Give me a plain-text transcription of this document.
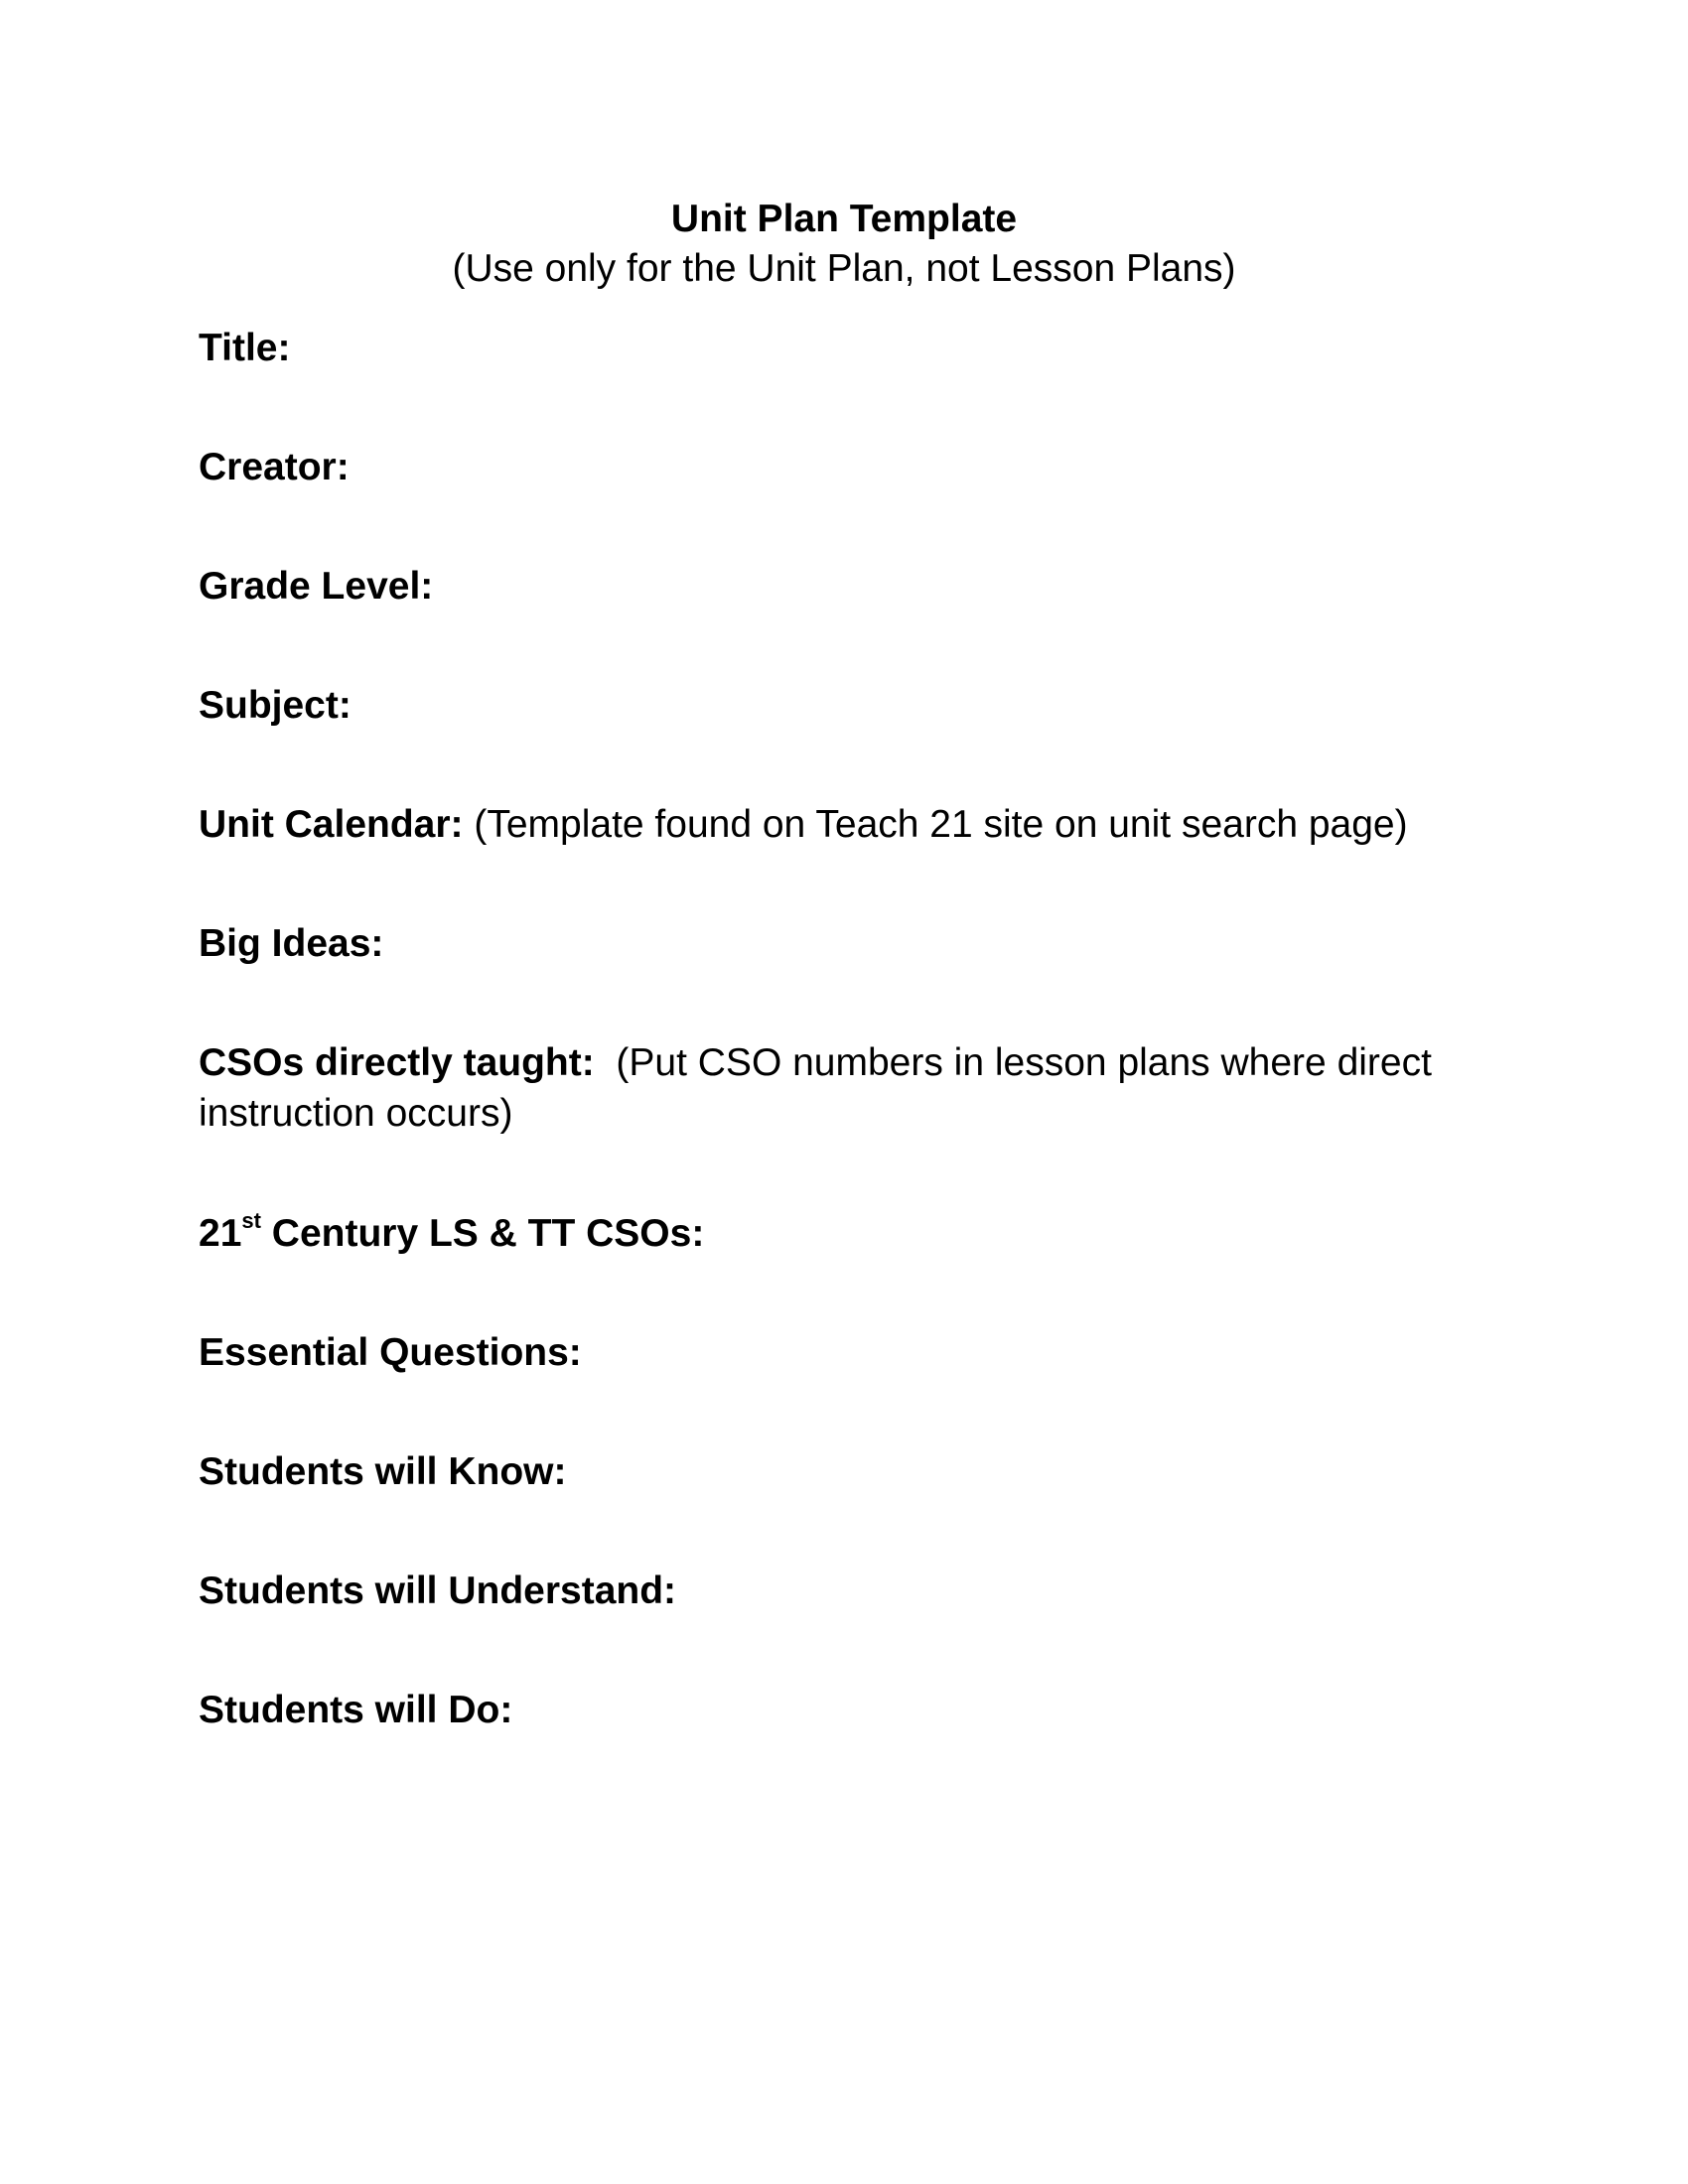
Unit Plan Template
(Use only for the Unit Plan, not Lesson Plans)

Title:

Creator:

Grade Level:

Subject:

Unit Calendar: (Template found on Teach 21 site on unit search page)

Big Ideas:

CSOs directly taught:  (Put CSO numbers in lesson plans where direct instruction occurs)

21st Century LS & TT CSOs:

Essential Questions:

Students will Know:

Students will Understand:

Students will Do:
